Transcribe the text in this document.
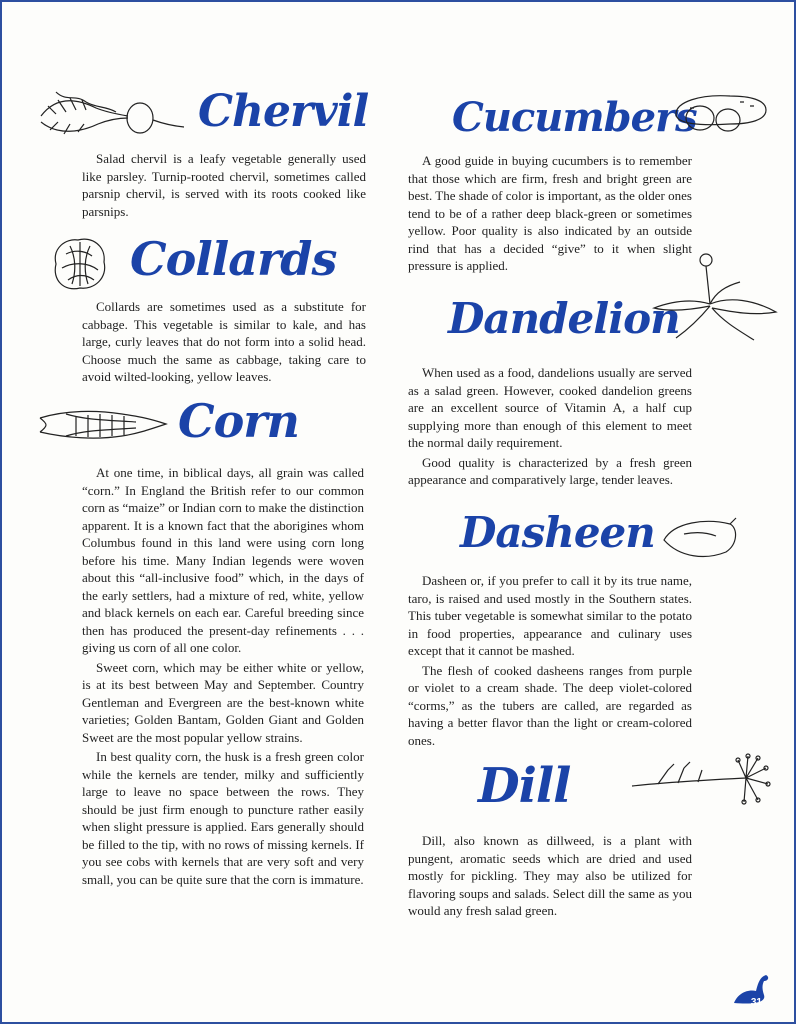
Chervil

Salad chervil is a leafy vegetable generally used like parsley. Turnip-rooted chervil, sometimes called parsnip chervil, is served with its roots cooked like parsnips.

Collards

Collards are sometimes used as a substitute for cabbage. This vegetable is similar to kale, and has large, curly leaves that do not form into a solid head. Choose much the same as cabbage, taking care to avoid wilted-looking, yellow leaves.

Corn

At one time, in biblical days, all grain was called “corn.” In England the British refer to our common corn as “maize” or Indian corn to make the distinction apparent. It is a known fact that the aborigines whom Columbus found in this land were using corn long before his time. Many Indian legends were woven about this “all-inclusive food” which, in the days of the early settlers, had a mixture of red, white, yellow and black kernels on each ear. Careful breeding since then has produced the present-day refinements . . . giving us corn of all one color.

Sweet corn, which may be either white or yellow, is at its best between May and September. Country Gentleman and Evergreen are the best-known white varieties; Golden Bantam, Golden Giant and Golden Sweet are the most popular yellow strains.

In best quality corn, the husk is a fresh green color while the kernels are tender, milky and sufficiently large to leave no space between the rows. They should be just firm enough to puncture rather easily when slight pressure is applied. Ears generally should be filled to the tip, with no rows of missing kernels. If you see cobs with kernels that are very soft and very small, you can be quite sure that the corn is immature.

Cucumbers

A good guide in buying cucumbers is to remember that those which are firm, fresh and bright green are best. The shade of color is important, as the older ones tend to be of a rather deep black-green or sometimes yellow. Poor quality is also indicated by an outside rind that has a decided “give” to it when slight pressure is applied.

Dandelion

When used as a food, dandelions usually are served as a salad green. However, cooked dandelion greens are an excellent source of Vitamin A, a half cup supplying more than enough of this element to meet the normal daily requirement.

Good quality is characterized by a fresh green appearance and comparatively large, tender leaves.

Dasheen

Dasheen or, if you prefer to call it by its true name, taro, is raised and used mostly in the Southern states. This tuber vegetable is somewhat similar to the potato in food properties, appearance and culinary uses except that it cannot be mashed.

The flesh of cooked dasheens ranges from purple or violet to a cream shade. The deep violet-colored “corms,” as the tubers are called, are regarded as having a better flavor than the light or cream-colored ones.

Dill

Dill, also known as dillweed, is a plant with pungent, aromatic seeds which are dried and used mostly for pickling. They may also be utilized for flavoring soups and salads. Select dill the same as you would any fresh salad green.

31
